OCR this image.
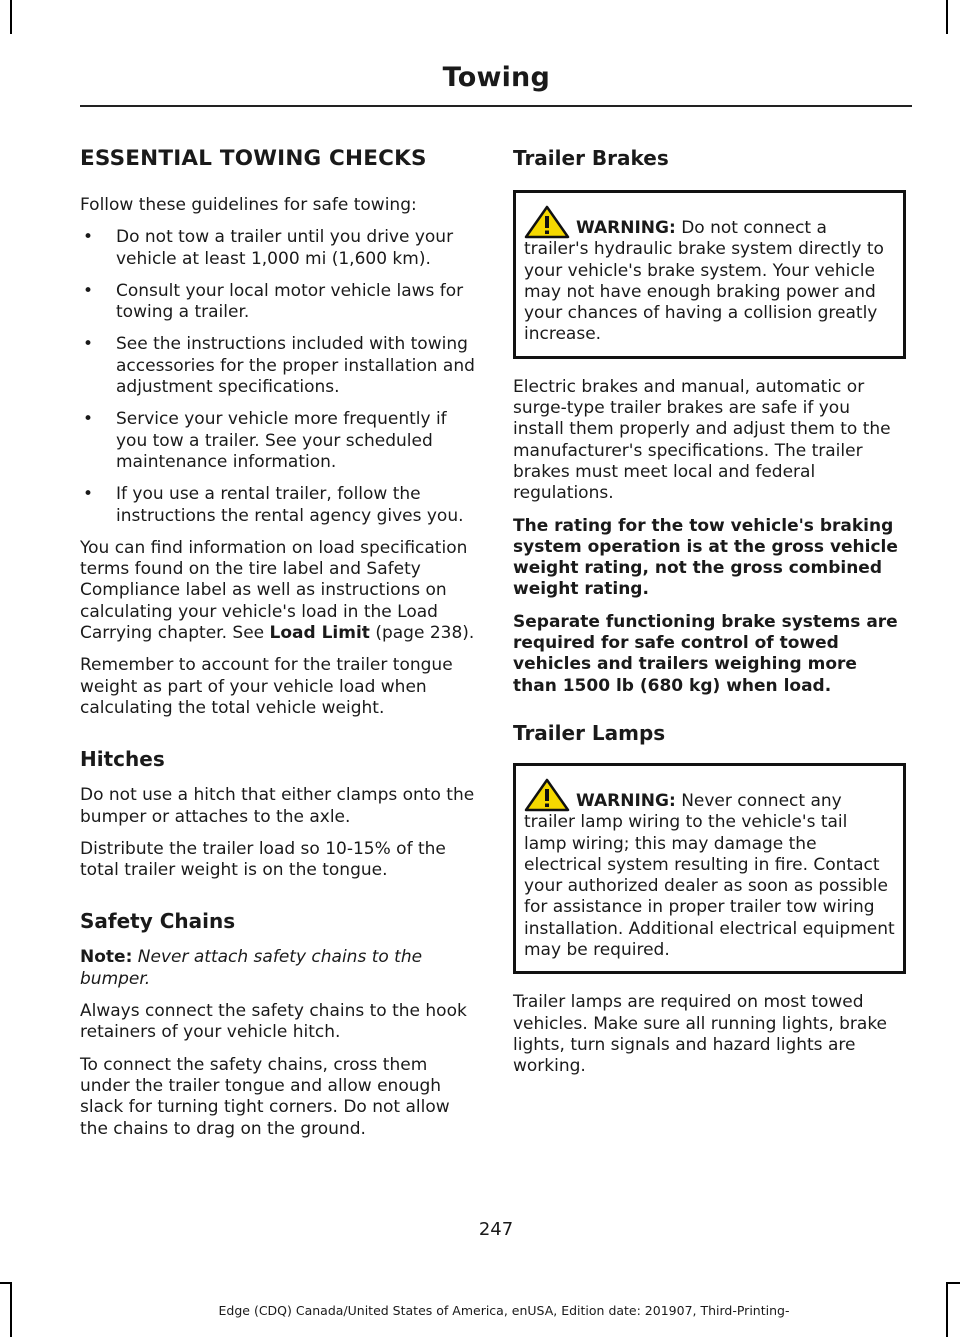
Towing
ESSENTIAL TOWING CHECKS

Follow these guidelines for safe towing:

• Do not tow a trailer until you drive your vehicle at least 1,000 mi (1,600 km).
• Consult your local motor vehicle laws for towing a trailer.
• See the instructions included with towing accessories for the proper installation and adjustment specifications.
• Service your vehicle more frequently if you tow a trailer. See your scheduled maintenance information.
• If you use a rental trailer, follow the instructions the rental agency gives you.

You can find information on load specification terms found on the tire label and Safety Compliance label as well as instructions on calculating your vehicle's load in the Load Carrying chapter. See Load Limit (page 238).

Remember to account for the trailer tongue weight as part of your vehicle load when calculating the total vehicle weight.

Hitches

Do not use a hitch that either clamps onto the bumper or attaches to the axle.

Distribute the trailer load so 10-15% of the total trailer weight is on the tongue.

Safety Chains

Note: Never attach safety chains to the bumper.

Always connect the safety chains to the hook retainers of your vehicle hitch.

To connect the safety chains, cross them under the trailer tongue and allow enough slack for turning tight corners. Do not allow the chains to drag on the ground.

Trailer Brakes

WARNING: Do not connect a trailer's hydraulic brake system directly to your vehicle's brake system. Your vehicle may not have enough braking power and your chances of having a collision greatly increase.

Electric brakes and manual, automatic or surge-type trailer brakes are safe if you install them properly and adjust them to the manufacturer's specifications. The trailer brakes must meet local and federal regulations.

The rating for the tow vehicle's braking system operation is at the gross vehicle weight rating, not the gross combined weight rating.

Separate functioning brake systems are required for safe control of towed vehicles and trailers weighing more than 1500 lb (680 kg) when load.

Trailer Lamps

WARNING: Never connect any trailer lamp wiring to the vehicle's tail lamp wiring; this may damage the electrical system resulting in fire. Contact your authorized dealer as soon as possible for assistance in proper trailer tow wiring installation. Additional electrical equipment may be required.

Trailer lamps are required on most towed vehicles. Make sure all running lights, brake lights, turn signals and hazard lights are working.

247
Edge (CDQ) Canada/United States of America, enUSA, Edition date: 201907, Third-Printing-
